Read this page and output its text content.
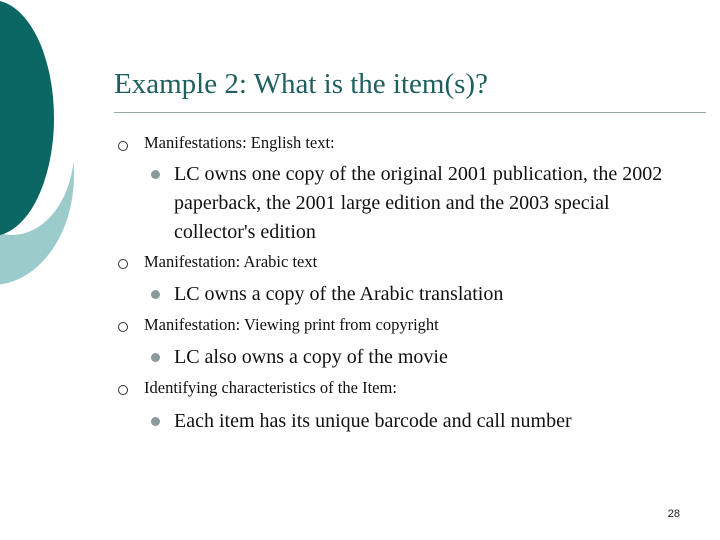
Example 2: What is the item(s)?

Manifestations: English text:

LC owns one copy of the original 2001 publication, the 2002 paperback, the 2001 large edition and the 2003 special collector's edition

Manifestation: Arabic text

LC owns a copy of the Arabic translation

Manifestation: Viewing print from copyright

LC also owns a copy of the movie

Identifying characteristics of the Item:

Each item has its unique barcode and call number

28
